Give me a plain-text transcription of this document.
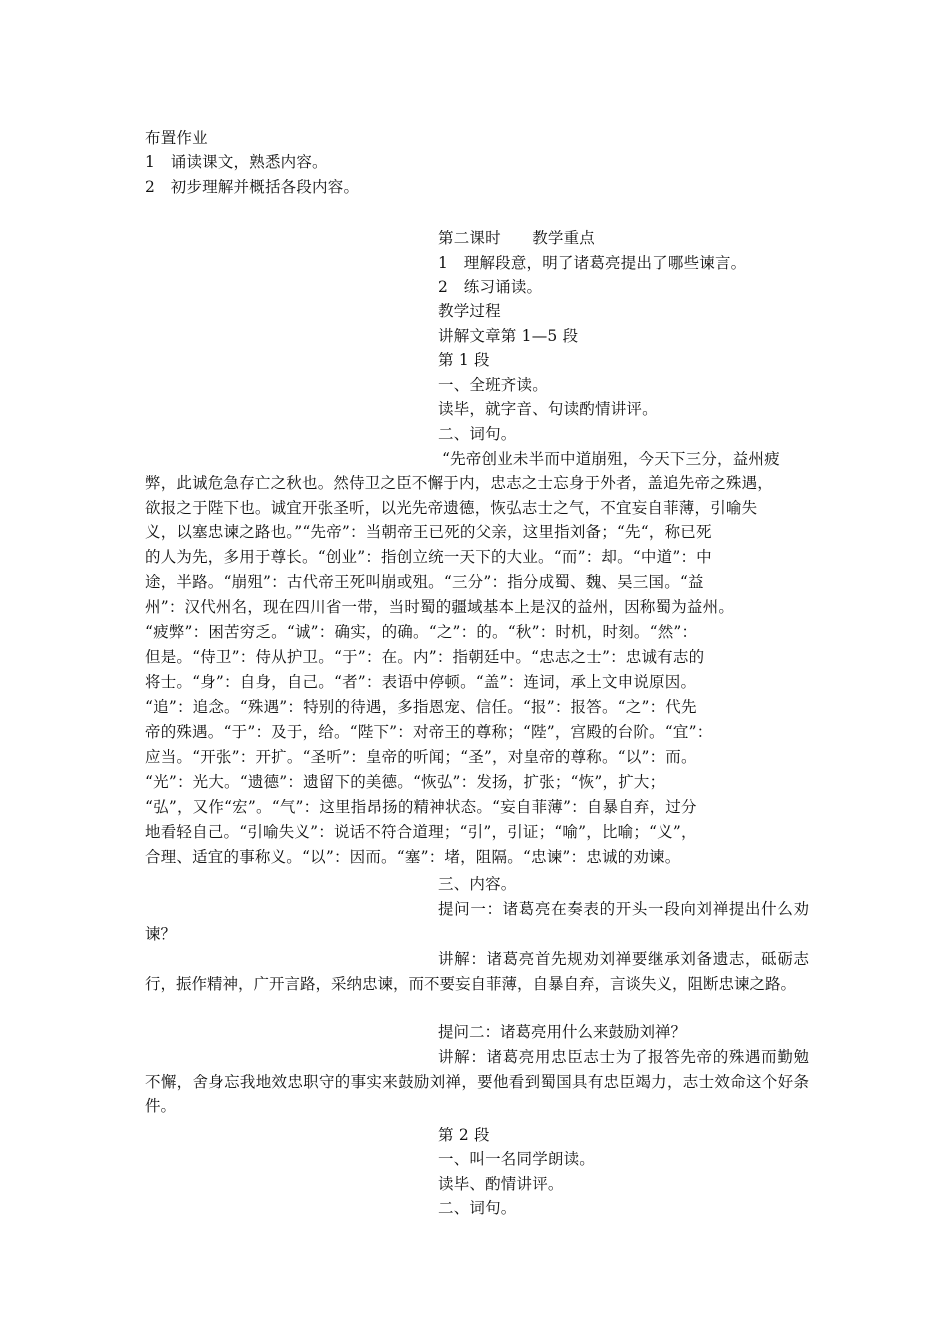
布置作业
1　诵读课文，熟悉内容。
2　初步理解并概括各段内容。
第二课时　　教学重点
1　理解段意，明了诸葛亮提出了哪些谏言。
2　练习诵读。
教学过程
讲解文章第 1—5 段
第 1 段
一、全班齐读。
读毕，就字音、句读酌情讲评。
二、词句。
“先帝创业未半而中道崩殂，今天下三分，益州疲
弊，此诚危急存亡之秋也。然侍卫之臣不懈于内，忠志之士忘身于外者，盖追先帝之殊遇，
欲报之于陛下也。诚宜开张圣听，以光先帝遗德，恢弘志士之气，不宜妄自菲薄，引喻失
义，以塞忠谏之路也。”“先帝”：当朝帝王已死的父亲，这里指刘备；“先“，称已死
的人为先，多用于尊长。“创业”：指创立统一天下的大业。“而”：却。“中道”：中
途，半路。“崩殂”：古代帝王死叫崩或殂。“三分”：指分成蜀、魏、吴三国。“益
州”：汉代州名，现在四川省一带，当时蜀的疆域基本上是汉的益州，因称蜀为益州。
“疲弊”：困苦穷乏。“诚”：确实，的确。“之”：的。“秋”：时机，时刻。“然”：
但是。“侍卫”：侍从护卫。“于”：在。内”：指朝廷中。“忠志之士”：忠诚有志的
将士。“身”：自身，自己。“者”：表语中停顿。“盖”：连词，承上文申说原因。
“追”：追念。“殊遇”：特别的待遇，多指恩宠、信任。“报”：报答。“之”：代先
帝的殊遇。“于”：及于，给。“陛下”：对帝王的尊称；“陛”，宫殿的台阶。“宜”：
应当。“开张”：开扩。“圣听”：皇帝的听闻；“圣”，对皇帝的尊称。“以”：而。
“光”：光大。“遗德”：遗留下的美德。“恢弘”：发扬，扩张；“恢”，扩大；
“弘”，又作“宏”。“气”：这里指昂扬的精神状态。“妄自菲薄”：自暴自弃，过分
地看轻自己。“引喻失义”：说话不符合道理；“引”，引证；“喻”，比喻；“义”，
合理、适宜的事称义。“以”：因而。“塞”：堵，阻隔。“忠谏”：忠诚的劝谏。
三、内容。
提问一：诸葛亮在奏表的开头一段向刘禅提出什么劝谏？
讲解：诸葛亮首先规劝刘禅要继承刘备遗志，砥砺志行，振作精神，广开言路，采纳忠谏，而不要妄自菲薄，自暴自弃，言谈失义，阻断忠谏之路。
提问二：诸葛亮用什么来鼓励刘禅？
讲解：诸葛亮用忠臣志士为了报答先帝的殊遇而勤勉不懈，舍身忘我地效忠职守的事实来鼓励刘禅，要他看到蜀国具有忠臣竭力，志士效命这个好条件。
第 2 段
一、叫一名同学朗读。
读毕、酌情讲评。
二、词句。
